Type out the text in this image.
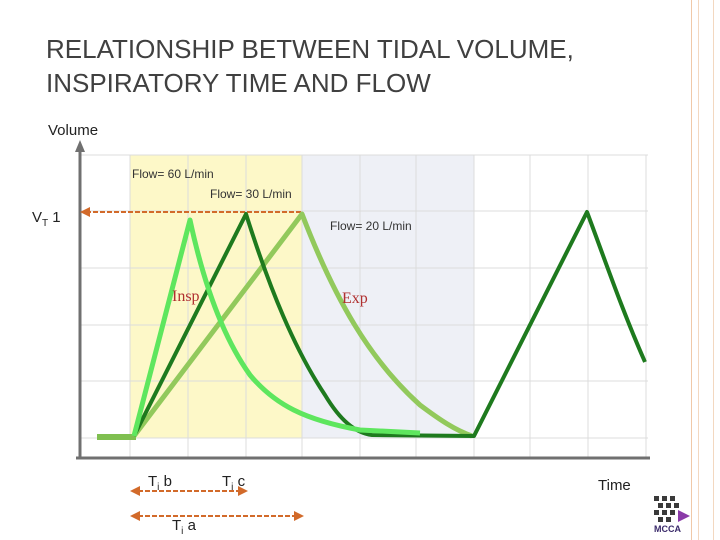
RELATIONSHIP BETWEEN TIDAL VOLUME, INSPIRATORY TIME AND FLOW
Volume
Flow= 60 L/min
Flow= 30 L/min
Flow= 20 L/min
$V_T$ 1
Insp	Exp
$T_i$ b	$T_i$ c
$T_i$ a
Time
MCCA
